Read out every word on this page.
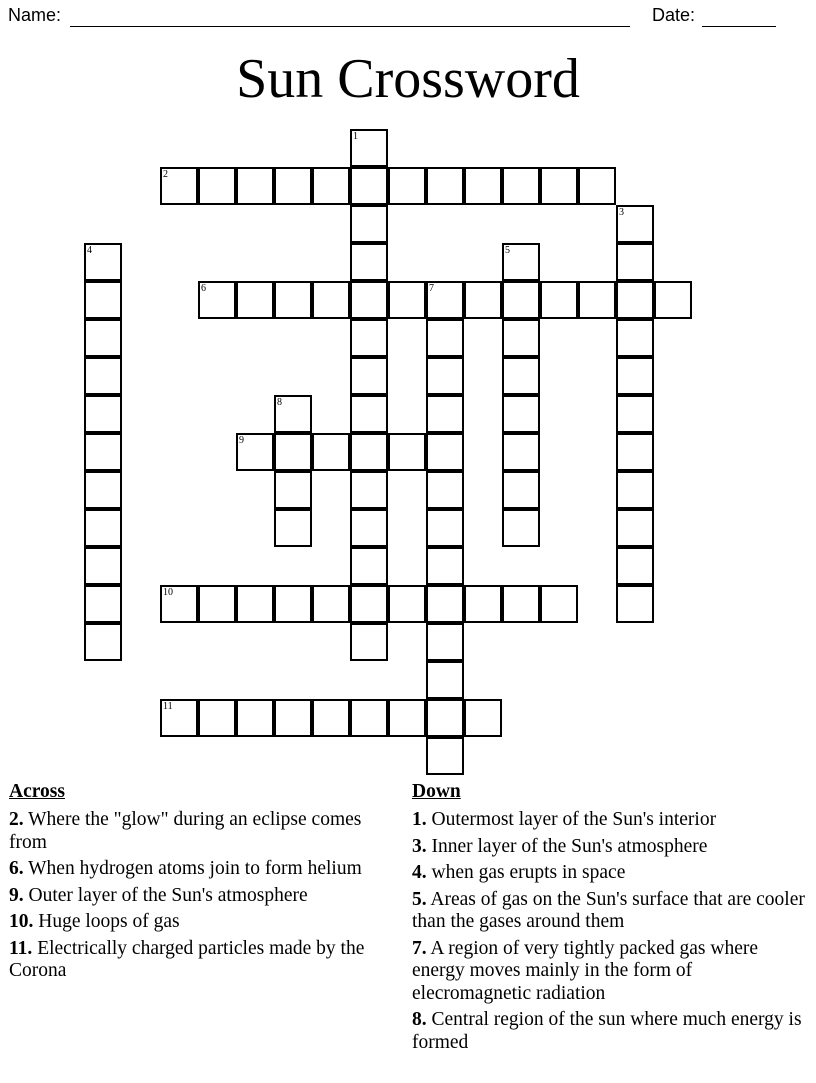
Name:	Date:
Sun Crossword
1
2
3
4	5
6	7
8
9
10
11
Across
2. Where the "glow" during an eclipse comes from
6. When hydrogen atoms join to form helium
9. Outer layer of the Sun's atmosphere
10. Huge loops of gas
11. Electrically charged particles made by the Corona
Down
1. Outermost layer of the Sun's interior
3. Inner layer of the Sun's atmosphere
4. when gas erupts in space
5. Areas of gas on the Sun's surface that are cooler than the gases around them
7. A region of very tightly packed gas where energy moves mainly in the form of elecromagnetic radiation
8. Central region of the sun where much energy is formed
